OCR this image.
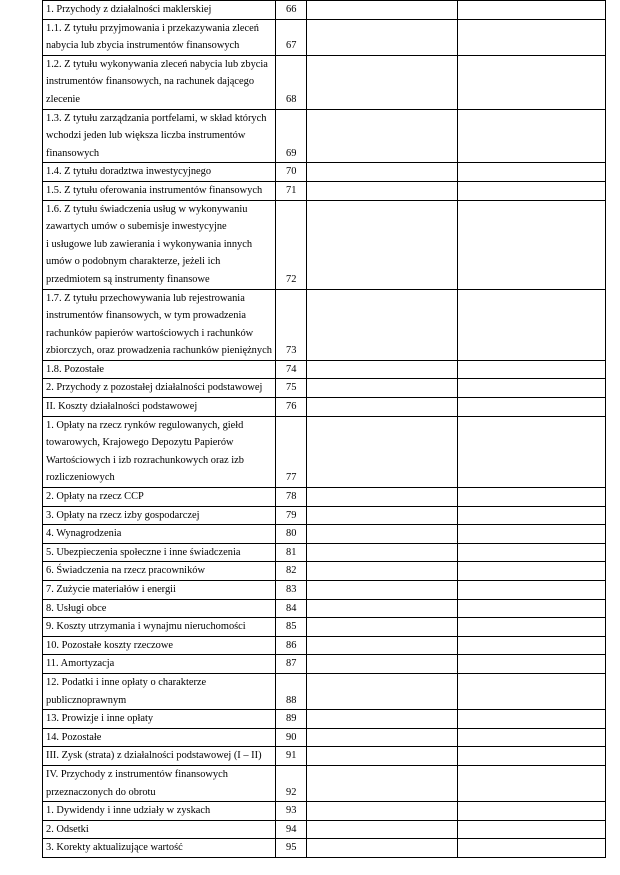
1. Przychody z działalności maklerskiej	66		

1.1. Z tytułu przyjmowania i przekazywania zleceń
nabycia lub zbycia instrumentów finansowych	67		

1.2. Z tytułu wykonywania zleceń nabycia lub zbycia
instrumentów finansowych, na rachunek dającego
zlecenie	68		

1.3. Z tytułu zarządzania portfelami, w skład których
wchodzi jeden lub większa liczba instrumentów
finansowych	69		

1.4. Z tytułu doradztwa inwestycyjnego	70		

1.5. Z tytułu oferowania instrumentów finansowych	71		

1.6. Z tytułu świadczenia usług w wykonywaniu
zawartych umów o subemisje inwestycyjne
i usługowe lub zawierania i wykonywania innych
umów o podobnym charakterze, jeżeli ich
przedmiotem są instrumenty finansowe	72		

1.7. Z tytułu przechowywania lub rejestrowania
instrumentów finansowych, w tym prowadzenia
rachunków papierów wartościowych i rachunków
zbiorczych, oraz prowadzenia rachunków pieniężnych	73		

1.8. Pozostałe	74		

2. Przychody z pozostałej działalności podstawowej	75		

II. Koszty działalności podstawowej	76		

1. Opłaty na rzecz rynków regulowanych, giełd
towarowych, Krajowego Depozytu Papierów
Wartościowych i izb rozrachunkowych oraz izb
rozliczeniowych	77		

2. Opłaty na rzecz CCP	78		

3. Opłaty na rzecz izby gospodarczej	79		

4. Wynagrodzenia	80		

5. Ubezpieczenia społeczne i inne świadczenia	81		

6. Świadczenia na rzecz pracowników	82		

7. Zużycie materiałów i energii	83		

8. Usługi obce	84		

9. Koszty utrzymania i wynajmu nieruchomości	85		

10. Pozostałe koszty rzeczowe	86		

11. Amortyzacja	87		

12. Podatki i inne opłaty o charakterze
publicznoprawnym	88		

13. Prowizje i inne opłaty	89		

14. Pozostałe	90		

III. Zysk (strata) z działalności podstawowej (I – II)	91		

IV. Przychody z instrumentów finansowych
przeznaczonych do obrotu	92		

1. Dywidendy i inne udziały w zyskach	93		

2. Odsetki	94		

3. Korekty aktualizujące wartość	95		
